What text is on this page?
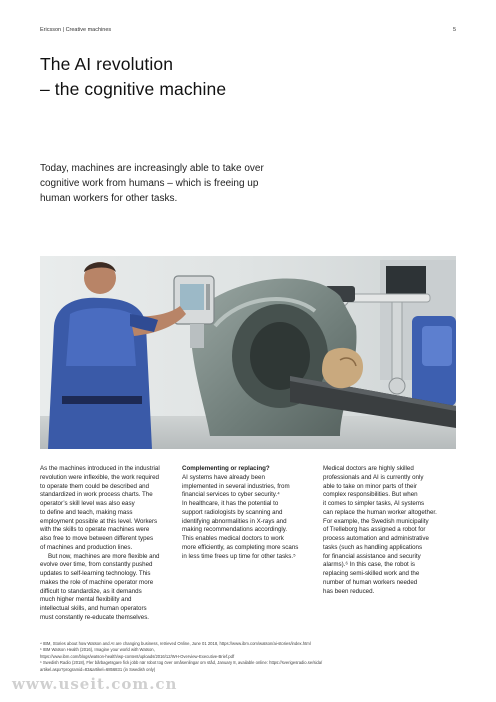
Ericsson | Creative machines	5
The AI revolution
– the cognitive machine
Today, machines are increasingly able to take over
cognitive work from humans – which is freeing up
human workers for other tasks.
As the machines introduced in the industrial
revolution were inflexible, the work required
to operate them could be described and
standardized in work process charts. The
operator’s skill level was also easy
to define and teach, making mass
employment possible at this level. Workers
with the skills to operate machines were
also free to move between different types
of machines and production lines.
But now, machines are more flexible and
evolve over time, from constantly pushed
updates to self-learning technology. This
makes the role of machine operator more
difficult to standardize, as it demands
much higher mental flexibility and
intellectual skills, and human operators
must constantly re-educate themselves.
Complementing or replacing?
AI systems have already been
implemented in several industries, from
financial services to cyber security.⁴
In healthcare, it has the potential to
support radiologists by scanning and
identifying abnormalities in X-rays and
making recommendations accordingly.
This enables medical doctors to work
more efficiently, as completing more scans
in less time frees up time for other tasks.⁵
Medical doctors are highly skilled
professionals and AI is currently only
able to take on minor parts of their
complex responsibilities. But when
it comes to simpler tasks, AI systems
can replace the human worker altogether.
For example, the Swedish municipality
of Trelleborg has assigned a robot for
process automation and administrative
tasks (such as handling applications
for financial assistance and security
alarms).⁶ In this case, the robot is
replacing semi-skilled work and the
number of human workers needed
has been reduced.
⁴ IBM, Stories about how Watson and AI are changing business, retrieved Online, June 01 2018, https://www.ibm.com/watson/ai-stories/index.html
⁵ IBM Watson Health (2016), Imagine your world with Watson,
https://www.ibm.com/blogs/watson-health/wp-content/uploads/2016/12/WH-Overview-Executive-Brief.pdf
⁶ Swedish Radio (2018), Fler bårbagetsgare fick jobb när robot tog över omåsenlingar om ståd, January 8, available online: https://sverigesradio.se/sida/
artikel.aspx?programid=83&artikel=6856831 (in Swedish only)
www.useit.com.cn
